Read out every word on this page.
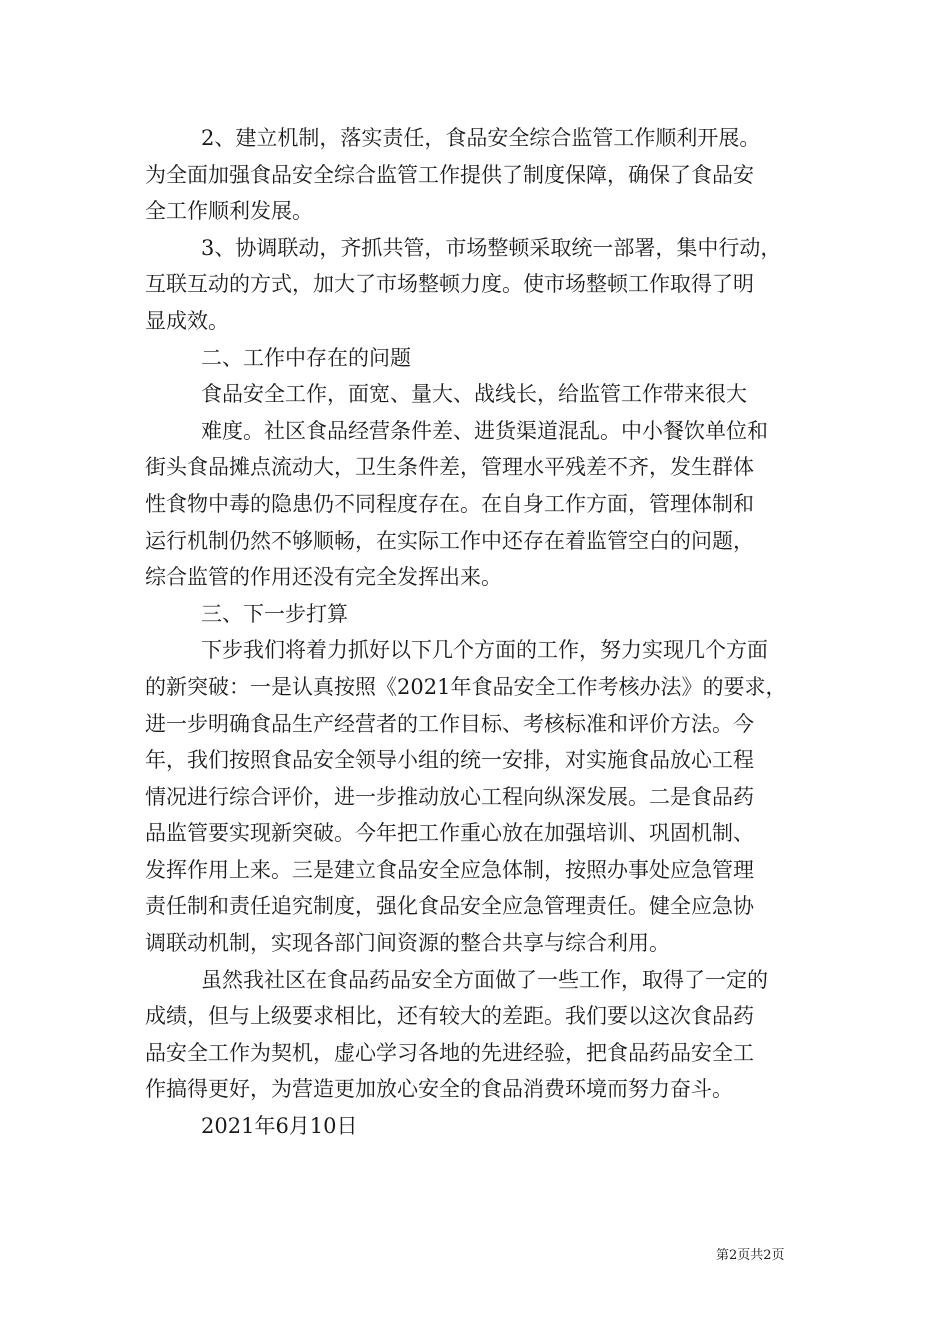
2、建立机制，落实责任，食品安全综合监管工作顺利开展。
为全面加强食品安全综合监管工作提供了制度保障，确保了食品安
全工作顺利发展。
3、协调联动，齐抓共管，市场整顿采取统一部署，集中行动，
互联互动的方式，加大了市场整顿力度。使市场整顿工作取得了明
显成效。
二、工作中存在的问题
食品安全工作，面宽、量大、战线长，给监管工作带来很大
难度。社区食品经营条件差、进货渠道混乱。中小餐饮单位和
街头食品摊点流动大，卫生条件差，管理水平残差不齐，发生群体
性食物中毒的隐患仍不同程度存在。在自身工作方面，管理体制和
运行机制仍然不够顺畅，在实际工作中还存在着监管空白的问题，
综合监管的作用还没有完全发挥出来。
三、下一步打算
下步我们将着力抓好以下几个方面的工作，努力实现几个方面
的新突破：一是认真按照《2021年食品安全工作考核办法》的要求，
进一步明确食品生产经营者的工作目标、考核标准和评价方法。今
年，我们按照食品安全领导小组的统一安排，对实施食品放心工程
情况进行综合评价，进一步推动放心工程向纵深发展。二是食品药
品监管要实现新突破。今年把工作重心放在加强培训、巩固机制、
发挥作用上来。三是建立食品安全应急体制，按照办事处应急管理
责任制和责任追究制度，强化食品安全应急管理责任。健全应急协
调联动机制，实现各部门间资源的整合共享与综合利用。
虽然我社区在食品药品安全方面做了一些工作，取得了一定的
成绩，但与上级要求相比，还有较大的差距。我们要以这次食品药
品安全工作为契机，虚心学习各地的先进经验，把食品药品安全工
作搞得更好，为营造更加放心安全的食品消费环境而努力奋斗。
2021年6月10日
第2页共2页
